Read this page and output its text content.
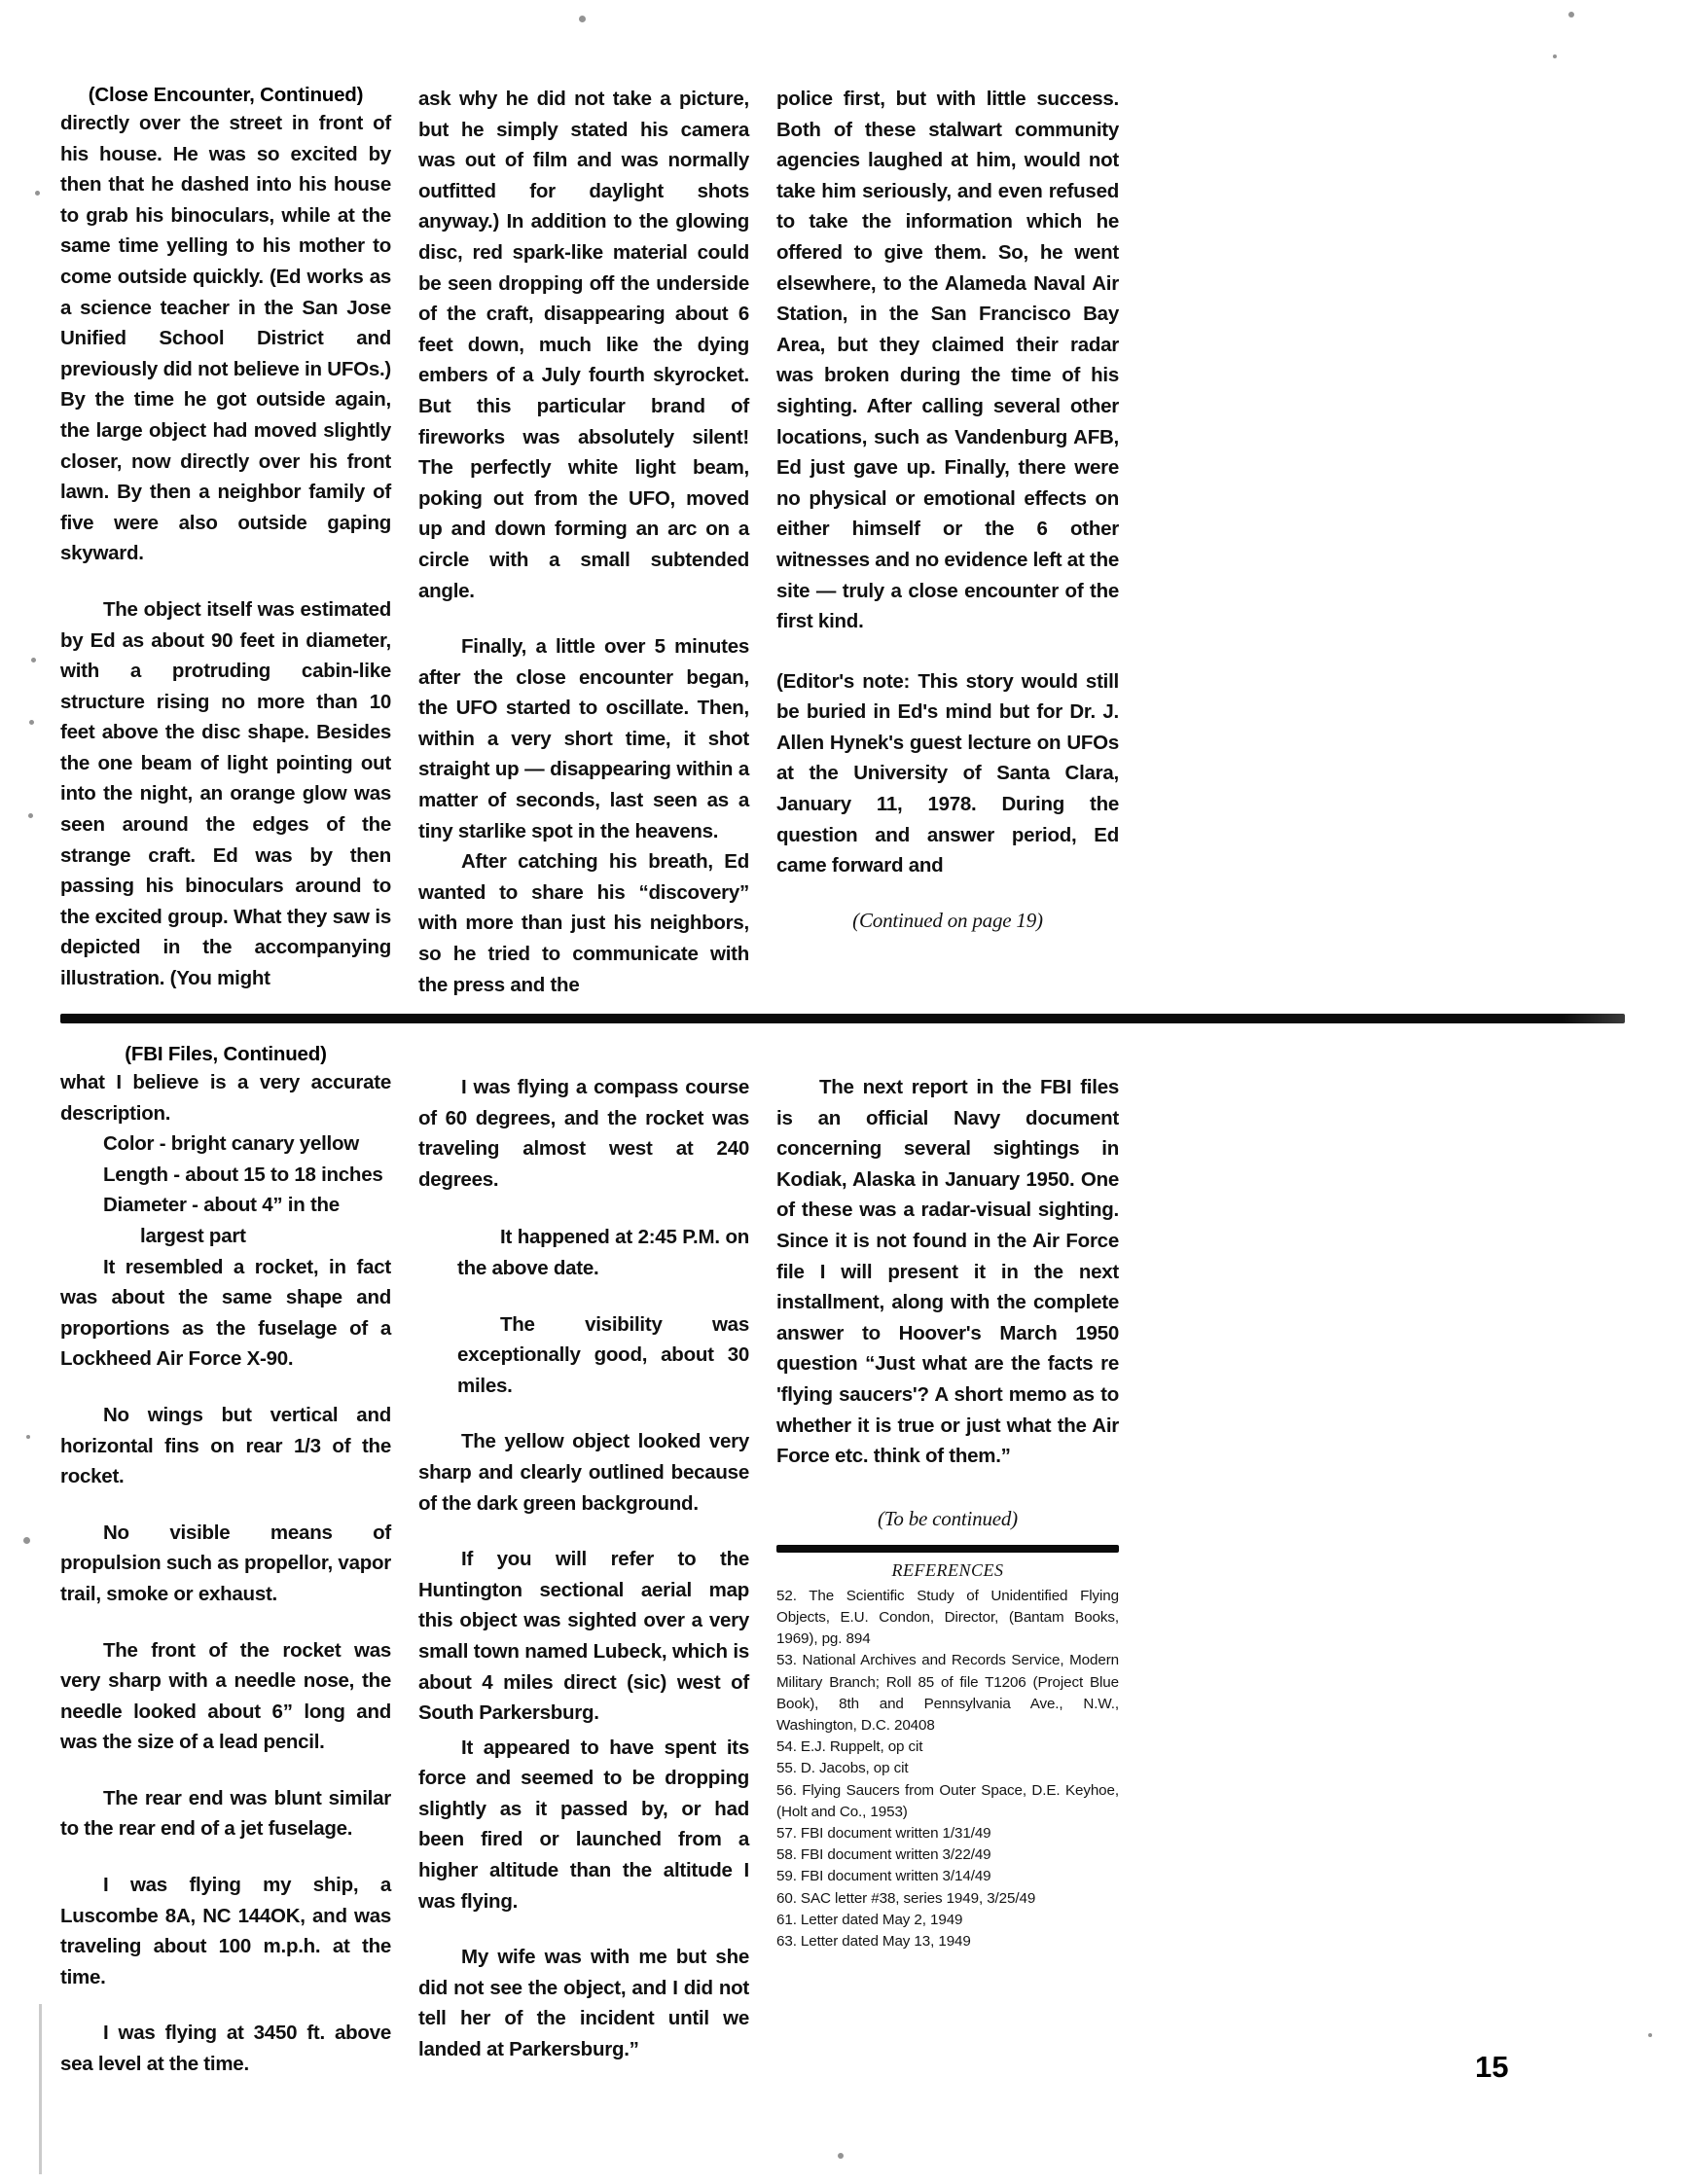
(Close Encounter, Continued)

directly over the street in front of his house. He was so excited by then that he dashed into his house to grab his binoculars, while at the same time yelling to his mother to come outside quickly. (Ed works as a science teacher in the San Jose Unified School District and previously did not believe in UFOs.) By the time he got outside again, the large object had moved slightly closer, now directly over his front lawn. By then a neighbor family of five were also outside gaping skyward.

The object itself was estimated by Ed as about 90 feet in diameter, with a protruding cabin-like structure rising no more than 10 feet above the disc shape. Besides the one beam of light pointing out into the night, an orange glow was seen around the edges of the strange craft. Ed was by then passing his binoculars around to the excited group. What they saw is depicted in the accompanying illustration. (You might

ask why he did not take a picture, but he simply stated his camera was out of film and was normally outfitted for daylight shots anyway.) In addition to the glowing disc, red spark-like material could be seen dropping off the underside of the craft, disappearing about 6 feet down, much like the dying embers of a July fourth skyrocket. But this particular brand of fireworks was absolutely silent! The perfectly white light beam, poking out from the UFO, moved up and down forming an arc on a circle with a small subtended angle.

Finally, a little over 5 minutes after the close encounter began, the UFO started to oscillate. Then, within a very short time, it shot straight up — disappearing within a matter of seconds, last seen as a tiny starlike spot in the heavens.

After catching his breath, Ed wanted to share his “discovery” with more than just his neighbors, so he tried to communicate with the press and the

police first, but with little success. Both of these stalwart community agencies laughed at him, would not take him seriously, and even refused to take the information which he offered to give them. So, he went elsewhere, to the Alameda Naval Air Station, in the San Francisco Bay Area, but they claimed their radar was broken during the time of his sighting. After calling several other locations, such as Vandenburg AFB, Ed just gave up. Finally, there were no physical or emotional effects on either himself or the 6 other witnesses and no evidence left at the site — truly a close encounter of the first kind.

(Editor's note: This story would still be buried in Ed's mind but for Dr. J. Allen Hynek's guest lecture on UFOs at the University of Santa Clara, January 11, 1978. During the question and answer period, Ed came forward and

(Continued on page 19)
(FBI Files, Continued)

what I believe is a very accurate description.

Color - bright canary yellow
Length - about 15 to 18 inches
Diameter - about 4” in the largest part

It resembled a rocket, in fact was about the same shape and proportions as the fuselage of a Lockheed Air Force X-90.

No wings but vertical and horizontal fins on rear 1/3 of the rocket.

No visible means of propulsion such as propellor, vapor trail, smoke or exhaust.

The front of the rocket was very sharp with a needle nose, the needle looked about 6” long and was the size of a lead pencil.

The rear end was blunt similar to the rear end of a jet fuselage.

I was flying my ship, a Luscombe 8A, NC 144OK, and was traveling about 100 m.p.h. at the time.

I was flying at 3450 ft. above sea level at the time.

I was flying a compass course of 60 degrees, and the rocket was traveling almost west at 240 degrees.

It happened at 2:45 P.M. on the above date.

The visibility was exceptionally good, about 30 miles.

The yellow object looked very sharp and clearly outlined because of the dark green background.

If you will refer to the Huntington sectional aerial map this object was sighted over a very small town named Lubeck, which is about 4 miles direct (sic) west of South Parkersburg.

It appeared to have spent its force and seemed to be dropping slightly as it passed by, or had been fired or launched from a higher altitude than the altitude I was flying.

My wife was with me but she did not see the object, and I did not tell her of the incident until we landed at Parkersburg.”

The next report in the FBI files is an official Navy document concerning several sightings in Kodiak, Alaska in January 1950. One of these was a radar-visual sighting. Since it is not found in the Air Force file I will present it in the next installment, along with the complete answer to Hoover's March 1950 question “Just what are the facts re 'flying saucers'? A short memo as to whether it is true or just what the Air Force etc. think of them.”

(To be continued)
REFERENCES
52. The Scientific Study of Unidentified Flying Objects, E.U. Condon, Director, (Bantam Books, 1969), pg. 894
53. National Archives and Records Service, Modern Military Branch; Roll 85 of file T1206 (Project Blue Book), 8th and Pennsylvania Ave., N.W., Washington, D.C. 20408
54. E.J. Ruppelt, op cit
55. D. Jacobs, op cit
56. Flying Saucers from Outer Space, D.E. Keyhoe, (Holt and Co., 1953)
57. FBI document written 1/31/49
58. FBI document written 3/22/49
59. FBI document written 3/14/49
60. SAC letter #38, series 1949, 3/25/49
61. Letter dated May 2, 1949
63. Letter dated May 13, 1949
15
